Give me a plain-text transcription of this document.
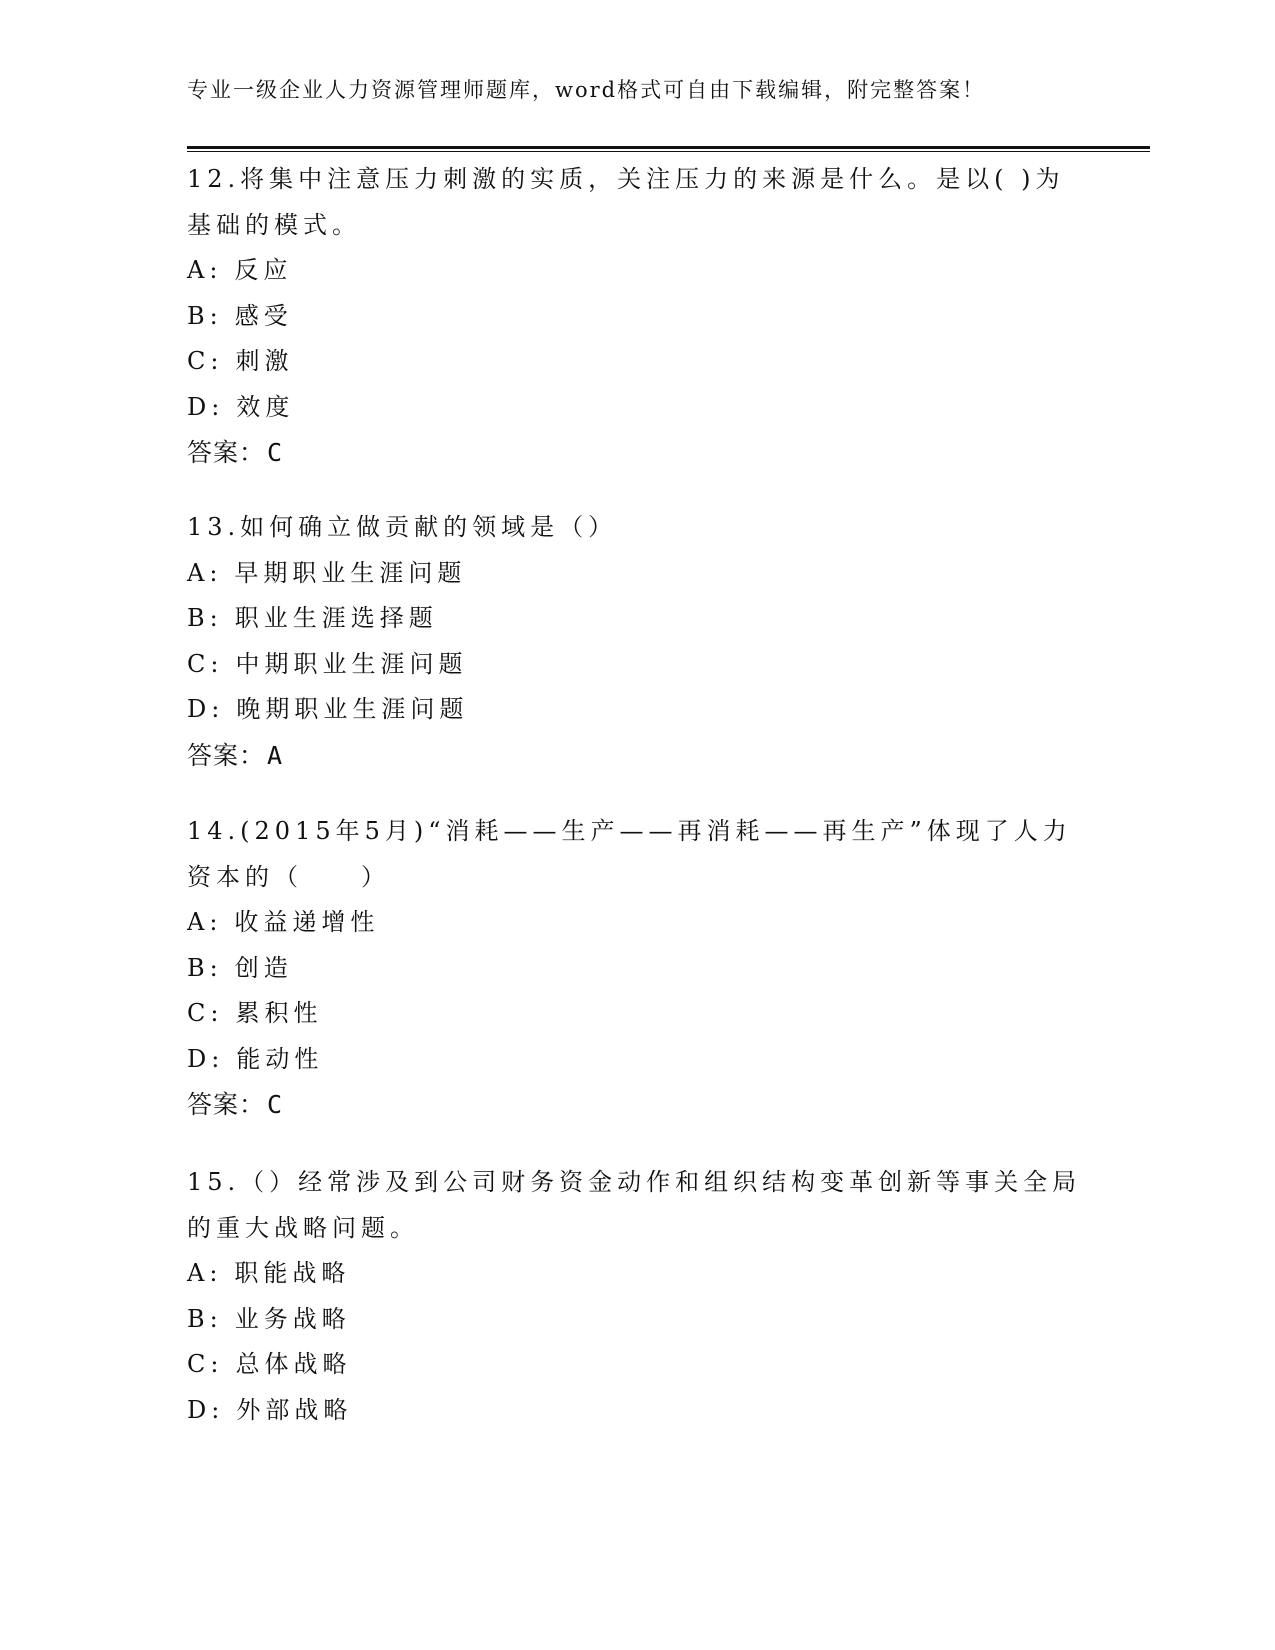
专业一级企业人力资源管理师题库，word格式可自由下载编辑，附完整答案！

12.将集中注意压力刺激的实质，关注压力的来源是什么。是以( )为

基础的模式。

A: 反应

B: 感受

C: 刺激

D: 效度

答案：C

13.如何确立做贡献的领域是（）

A: 早期职业生涯问题

B: 职业生涯选择题

C: 中期职业生涯问题

D: 晚期职业生涯问题

答案：A

14.(2015年5月)“消耗——生产——再消耗——再生产”体现了人力

资本的（　　）

A: 收益递增性

B: 创造

C: 累积性

D: 能动性

答案：C

15.（）经常涉及到公司财务资金动作和组织结构变革创新等事关全局

的重大战略问题。

A: 职能战略

B: 业务战略

C: 总体战略

D: 外部战略
